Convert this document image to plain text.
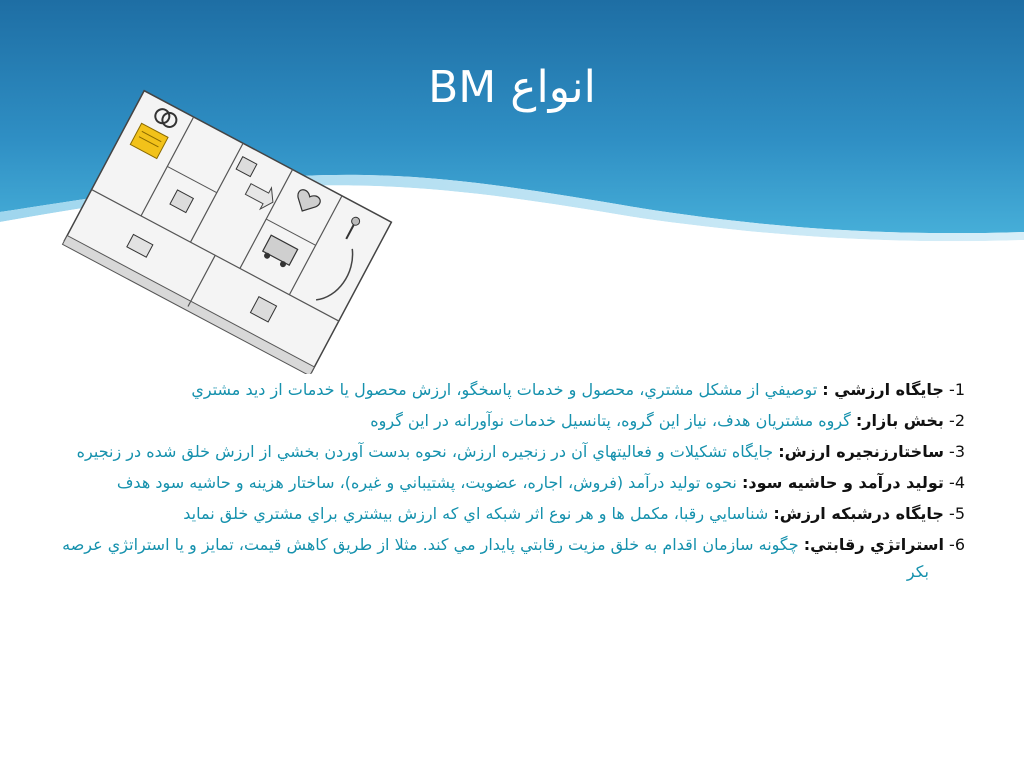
انواع BM
1- جايگاه ارزشي : توصيفي از مشكل مشتري، محصول و خدمات پاسخگو، ارزش محصول يا خدمات از ديد مشتري
2- بخش بازار: گروه مشتريان هدف، نياز اين گروه، پتانسيل خدمات نوآورانه در اين گروه
3- ساختارزنجيره ارزش: جايگاه تشكيلات و فعاليتهاي آن در زنجيره ارزش، نحوه بدست آوردن بخشي از ارزش خلق شده در زنجيره
4- توليد درآمد و حاشيه سود: نحوه توليد درآمد (فروش، اجاره، عضويت، پشتيباني و غيره)، ساختار هزينه و حاشيه سود هدف
5- جايگاه درشبكه ارزش: شناسايي رقبا، مكمل ها و هر نوع اثر شبكه اي كه ارزش بيشتري براي مشتري خلق نمايد
6- استراتژي رقابتي: چگونه سازمان اقدام به خلق مزيت رقابتي پايدار مي كند. مثلا از طريق كاهش قيمت، تمايز و يا استراتژي عرصه بكر
